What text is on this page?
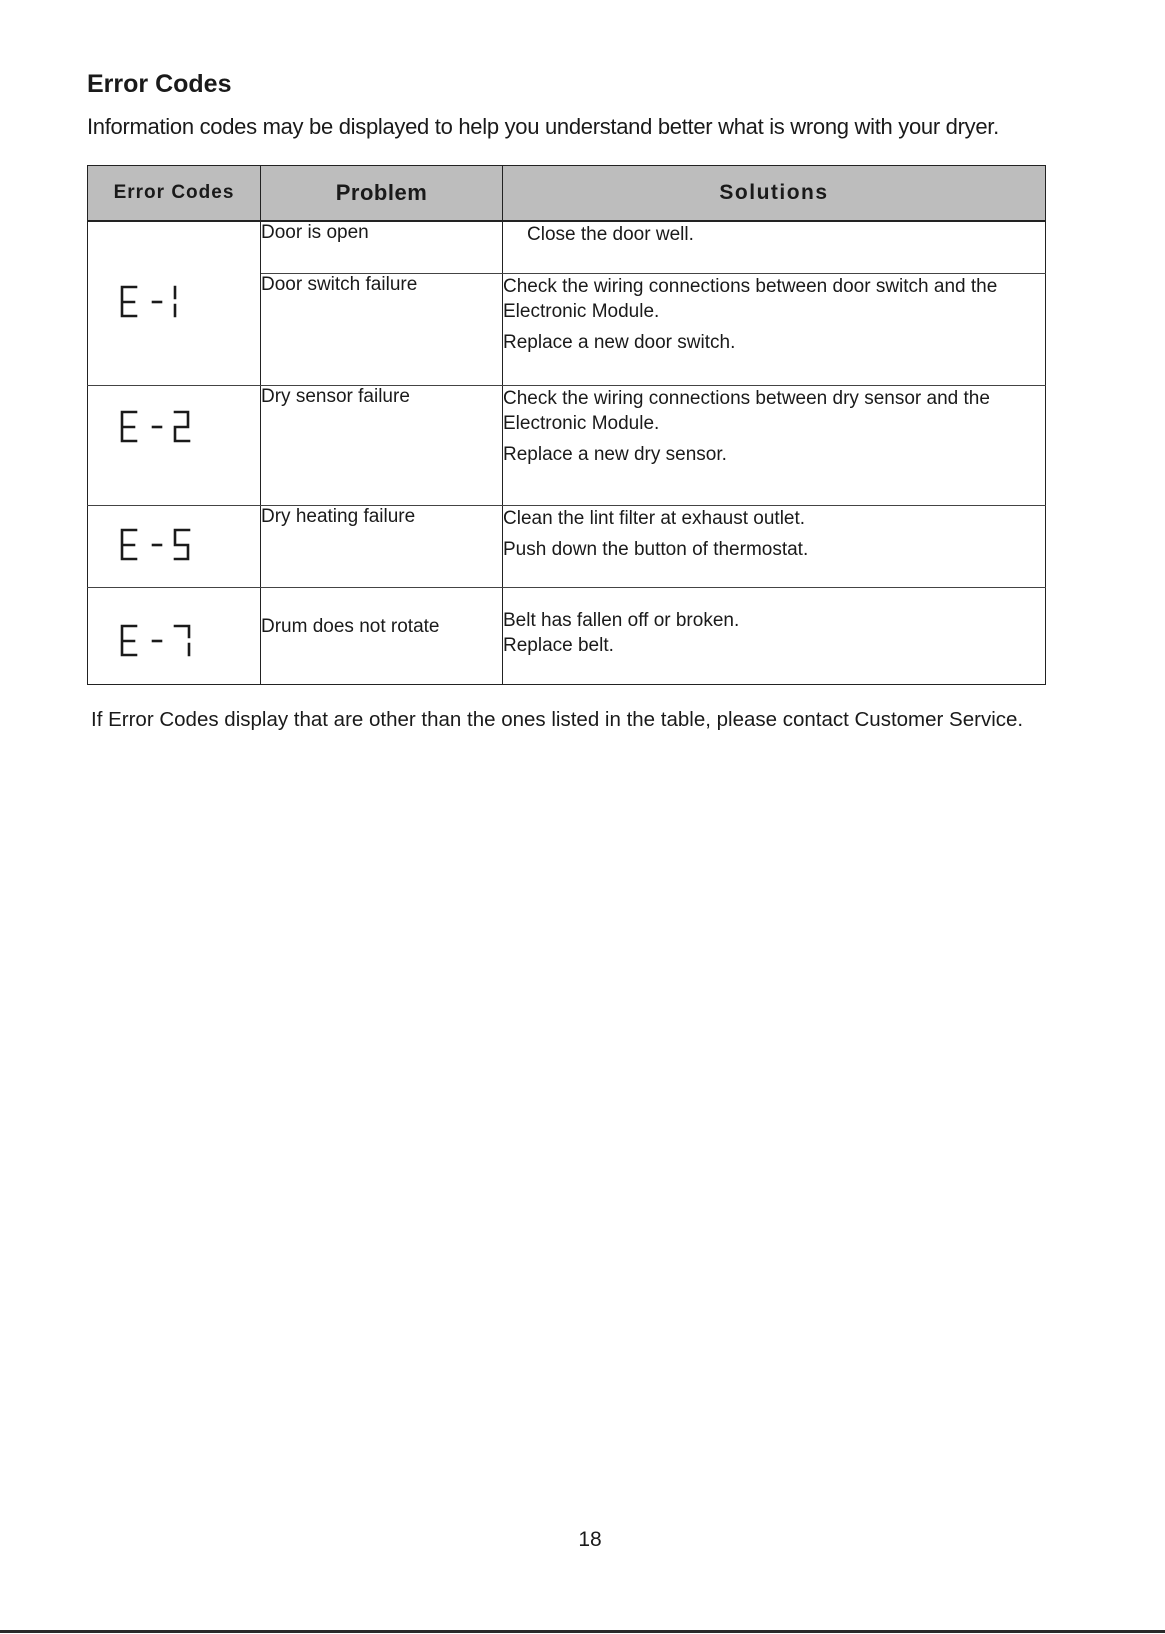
Error Codes
Information codes may be displayed to help you understand better what is wrong with your dryer.
Error Codes	Problem	Solutions

	Door is open	Close the door well.

	Door switch failure	Check the wiring connections between door switch and the
Electronic Module.
Replace a new door switch.

	Dry sensor failure	Check the wiring connections between dry sensor and the
Electronic Module.
Replace a new dry sensor.

	Dry heating failure	Clean the lint filter at exhaust outlet.
Push down the button of thermostat.

	Drum does not rotate	Belt has fallen off or broken.
Replace belt.
If Error Codes display that are other than the ones listed in the table, please contact Customer Service.
18
